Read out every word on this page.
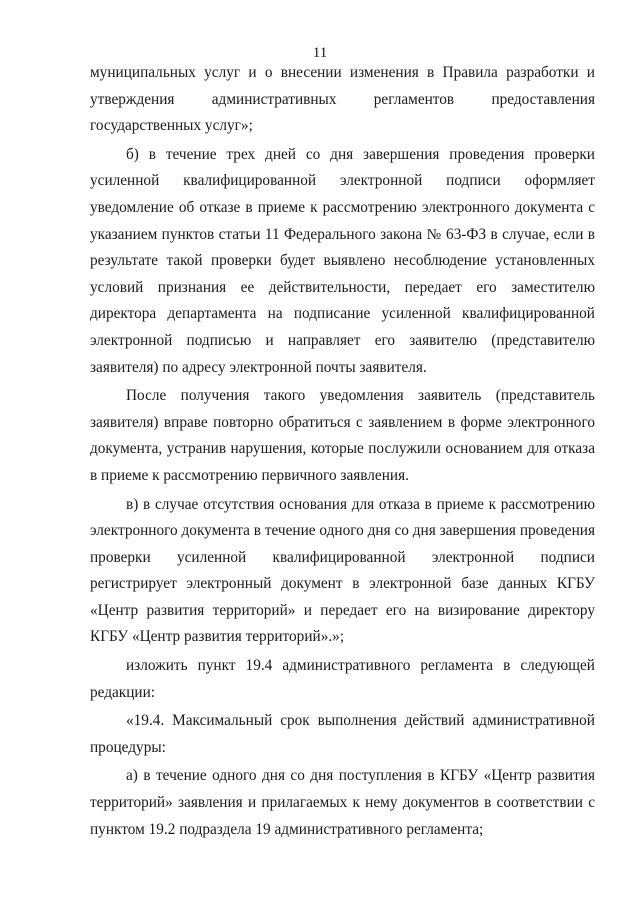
11

муниципальных услуг и о внесении изменения в Правила разработки и утверждения административных регламентов предоставления государственных услуг»;

б) в течение трех дней со дня завершения проведения проверки усиленной квалифицированной электронной подписи оформляет уведомление об отказе в приеме к рассмотрению электронного документа с указанием пунктов статьи 11 Федерального закона № 63-ФЗ в случае, если в результате такой проверки будет выявлено несоблюдение установленных условий признания ее действительности, передает его заместителю директора департамента на подписание усиленной квалифицированной электронной подписью и направляет его заявителю (представителю заявителя) по адресу электронной почты заявителя.

После получения такого уведомления заявитель (представитель заявителя) вправе повторно обратиться с заявлением в форме электронного документа, устранив нарушения, которые послужили основанием для отказа в приеме к рассмотрению первичного заявления.

в) в случае отсутствия основания для отказа в приеме к рассмотрению электронного документа в течение одного дня со дня завершения проведения проверки усиленной квалифицированной электронной подписи регистрирует электронный документ в электронной базе данных КГБУ «Центр развития территорий» и передает его на визирование директору КГБУ «Центр развития территорий».»;

изложить пункт 19.4 административного регламента в следующей редакции:

«19.4. Максимальный срок выполнения действий административной процедуры:

а) в течение одного дня со дня поступления в КГБУ «Центр развития территорий» заявления и прилагаемых к нему документов в соответствии с пунктом 19.2 подраздела 19 административного регламента;
